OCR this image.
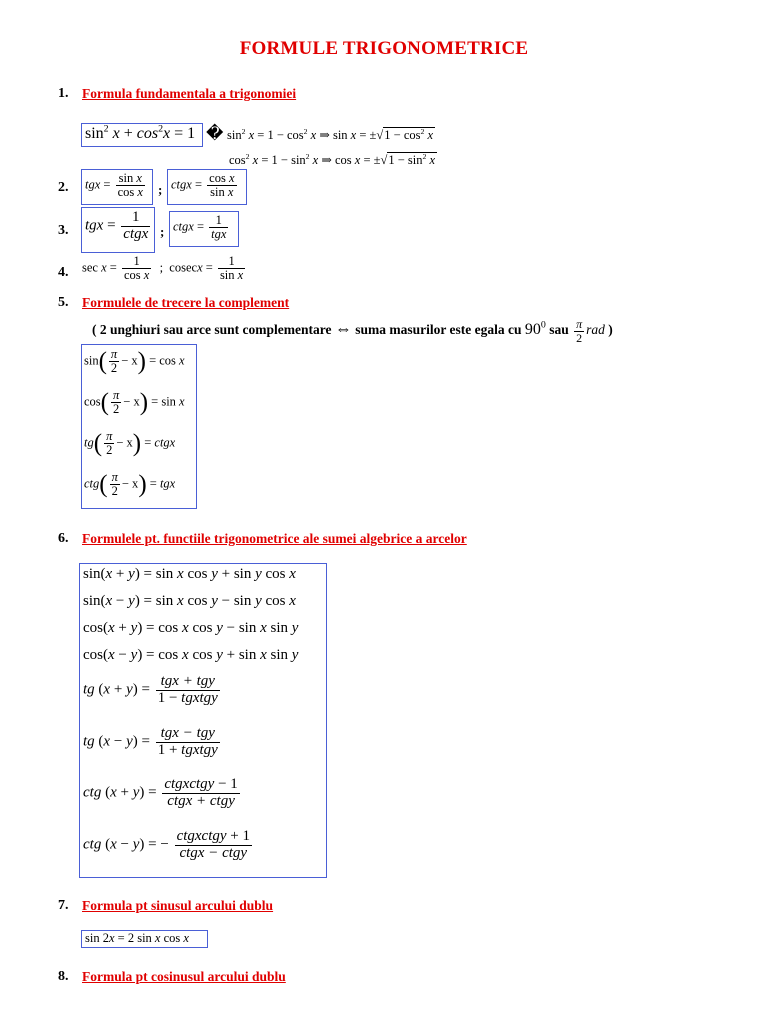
FORMULE TRIGONOMETRICE
1. Formula fundamentala a trigonomiei
$\sin^2 x + \cos^2x = 1$ � $\sin^2 x = 1 - \cos^2 x$ ⇒ $\sin x = \pm√1 - \cos^2 x$
$\cos^2 x = 1 - \sin^2 x$ ⇒ $\cos x = \pm√1 - \sin^2 x$
2.	tgx = $\frac{\text{sin x}}{\text{cos x}}$ ; ctgx = $\frac{\text{cos x}}{\text{sin x}}$
3. tgx = $\frac{1}{\text{ctgx}}$ ; ctgx = $\frac{1}{\text{tgx}}$
4. $\sec x = \frac{1}{\text{cos x}}$ ;  $cosecx = \frac{1}{\text{sin x}}$
5. Formulele de trecere la complement
( 2 unghiuri sau arce sunt complementare ⇔ suma masurilor este egala cu $90^0$ sau $\frac{\pi}{2}$ rad )
$\sin( \frac{\pi}{2} - x) = \cos x$
$\cos( \frac{\pi}{2} - x) = \sin x$
$tg( \frac{\pi}{2} - x)$ = ctgx
$ctg( \frac{\pi}{2} - x)$ = tgx
6. Formulele pt. functiile trigonometrice ale sumei algebrice a arcelor
sin(x + y) = sin x cos y + sin y cos x
sin(x − y) = sin x cos y − sin y cos x
cos(x + y) = cos x cos y − sin x sin y
cos(x − y) = cos x cos y + sin x sin y
tg $(x + y) = \frac{\text{tgx + tgy}}{\text{1 − tgxtgy}}$
tg $(x - y) = \frac{\text{tgx − tgy}}{\text{1 + tgxtgy}}$
ctg $(x + y) = \frac{\text{ctgxctgy − 1}}{\text{ctgx + ctgy}}$
ctg (x − y) = − $\frac{\text{ctgxctgy + 1}}{\text{ctgx − ctgy}}$
7. Formula pt sinusul arcului dublu
sin 2x = 2 sin x cos x
8. Formula pt cosinusul arcului dublu
